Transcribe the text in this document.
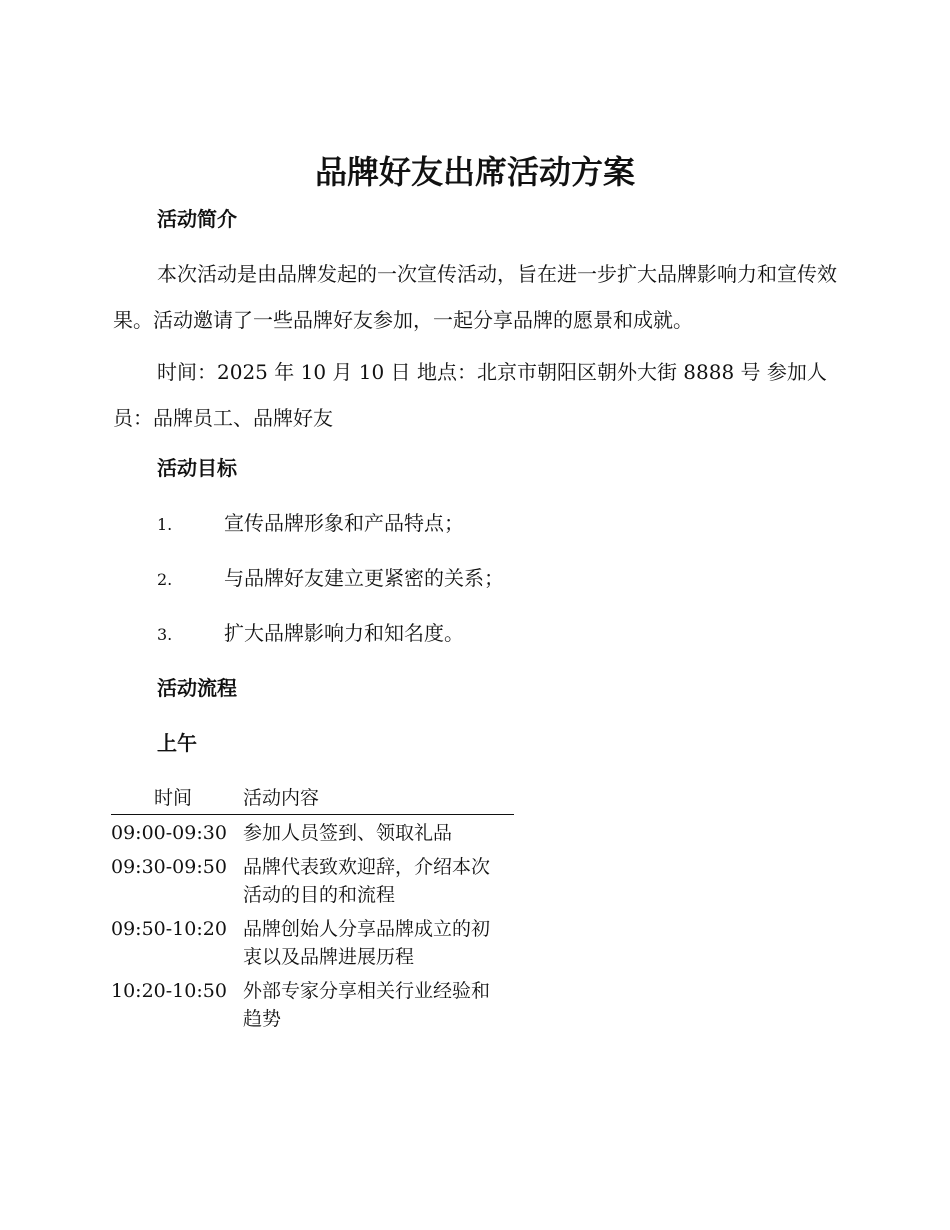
品牌好友出席活动方案
活动简介

本次活动是由品牌发起的一次宣传活动，旨在进一步扩大品牌影响力和宣传效果。活动邀请了一些品牌好友参加，一起分享品牌的愿景和成就。

时间：2025 年 10 月 10 日 地点：北京市朝阳区朝外大街 8888 号 参加人员：品牌员工、品牌好友

活动目标
1.	宣传品牌形象和产品特点；
2.	与品牌好友建立更紧密的关系；
3.	扩大品牌影响力和知名度。
活动流程
上午
时间	活动内容
09:00-09:30	参加人员签到、领取礼品
09:30-09:50	品牌代表致欢迎辞，介绍本次活动的目的和流程
09:50-10:20	品牌创始人分享品牌成立的初衷以及品牌进展历程
10:20-10:50	外部专家分享相关行业经验和趋势
